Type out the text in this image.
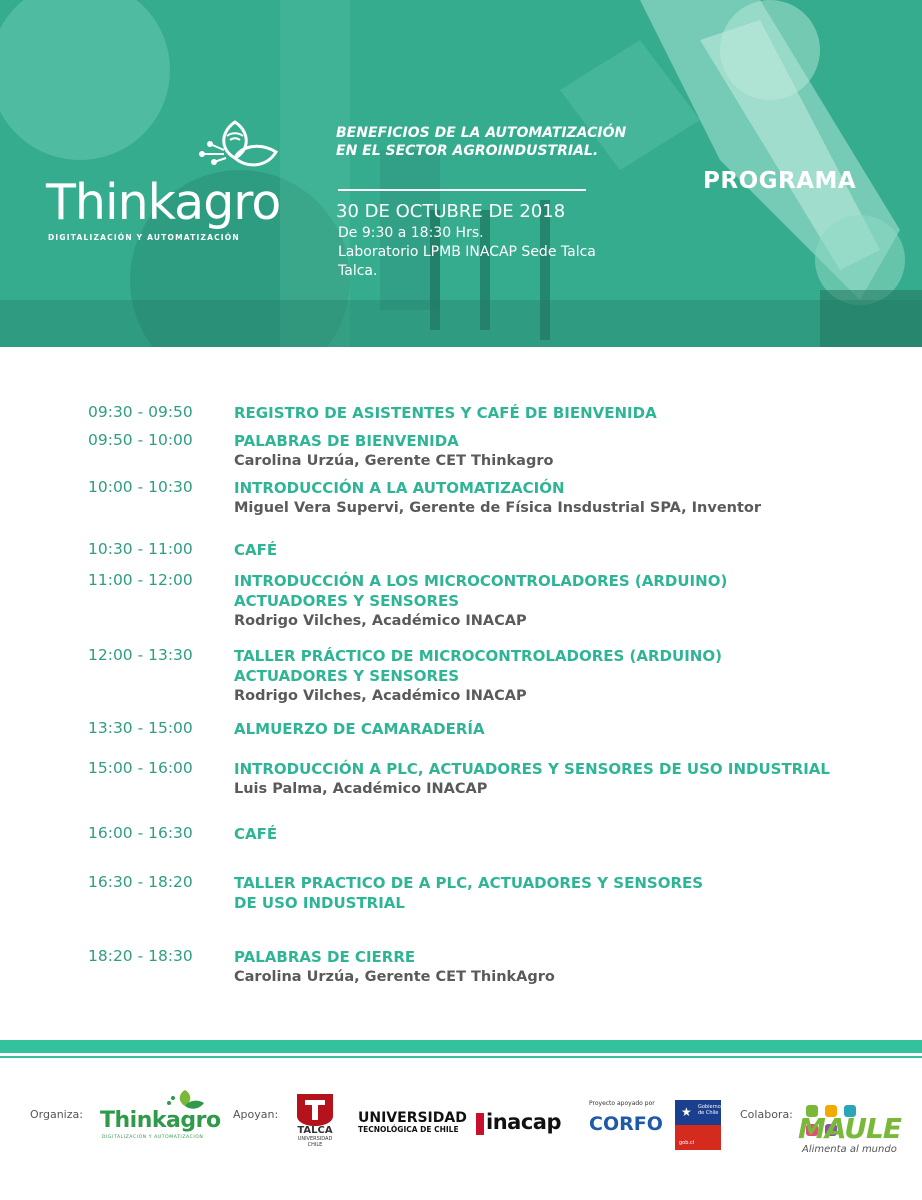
Thinkagro
DIGITALIZACIÓN Y AUTOMATIZACIÓN
BENEFICIOS DE LA AUTOMATIZACIÓN
EN EL SECTOR AGROINDUSTRIAL.
30 DE OCTUBRE DE 2018
De 9:30 a 18:30 Hrs.
Laboratorio LPMB INACAP Sede Talca
Talca.
PROGRAMA
09:30 - 09:50	REGISTRO DE ASISTENTES Y CAFÉ DE BIENVENIDA
09:50 - 10:00	PALABRAS DE BIENVENIDA
Carolina Urzúa, Gerente CET Thinkagro
10:00 - 10:30	INTRODUCCIÓN A LA AUTOMATIZACIÓN
Miguel Vera Supervi, Gerente de Física Insdustrial SPA, Inventor
10:30 - 11:00	CAFÉ
11:00 - 12:00	INTRODUCCIÓN A LOS MICROCONTROLADORES (ARDUINO)
ACTUADORES Y SENSORES
Rodrigo Vilches, Académico INACAP
12:00 - 13:30	TALLER PRÁCTICO DE MICROCONTROLADORES (ARDUINO)
ACTUADORES Y SENSORES
Rodrigo Vilches, Académico INACAP
13:30 - 15:00	ALMUERZO DE CAMARADERÍA
15:00 - 16:00	INTRODUCCIÓN A PLC, ACTUADORES Y SENSORES DE USO INDUSTRIAL
Luis Palma, Académico INACAP
16:00 - 16:30	CAFÉ
16:30 - 18:20	TALLER PRACTICO DE A PLC, ACTUADORES Y SENSORES
DE USO INDUSTRIAL
18:20 - 18:30	PALABRAS DE CIERRE
Carolina Urzúa, Gerente CET ThinkAgro
Organiza: Thinkagro
DIGITALIZACIÓN Y AUTOMATIZACIÓN
Apoyan:
TALCA
UNIVERSIDAD
CHILE
UNIVERSIDAD
TECNOLÓGICA DE CHILE	inacap
Proyecto apoyado por
CORFO
★ Gobierno
de Chile
gob.cl
Colabora:
MAULE
Alimenta al mundo
